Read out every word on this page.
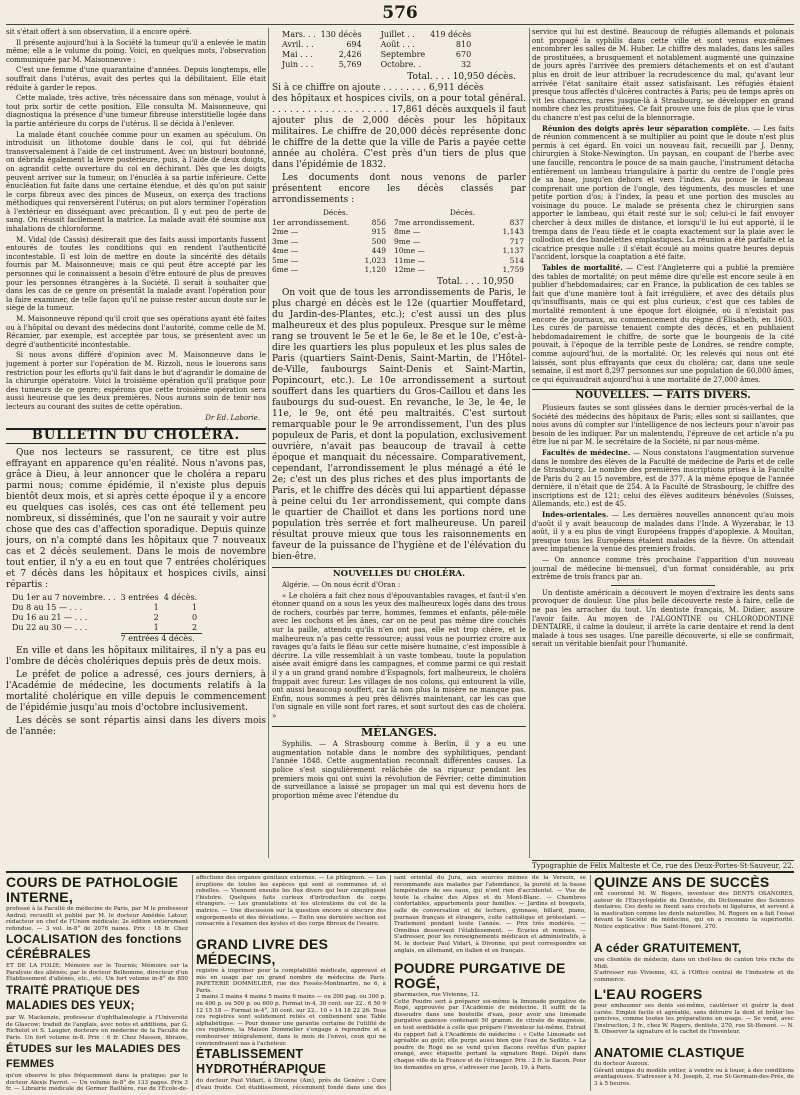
576

sit s'était offert à son observation, il a encore opéré.

Il présente aujourd'hui à la Société la tumeur qu'il a enlevée le matin même; elle a le volume du poing. Voici, en quelques mots, l'observation communiquée par M. Maisonneuve :

C'est une femme d'une quarantaine d'années. Depuis longtemps, elle souffrait dans l'utérus, avait des pertes qui la débilitaient. Elle était réduite à garder le repos.

Cette malade, très active, très nécessaire dans son ménage, voulut à tout prix sortir de cette position. Elle consulta M. Maisonneuve, qui diagnostiqua la présence d'une tumeur fibreuse interstitielle logée dans la partie antérieure du corps de l'utérus. Il se décida à l'enlever.

La malade étant couchée comme pour un examen au spéculum. On introduisit un lithotome double dans le col, qui fut débridé transversalement à l'aide de cet instrument. Avec un bistouri boutonné, on débrida également la lèvre postérieure, puis, à l'aide de deux doigts, on agrandit cette ouverture du col en déchirant. Dès que les doigts peuvent arriver sur la tumeur, on l'énucléa à sa partie inférieure. Cette énucléation fut faite dans une certaine étendue, et dès qu'on put saisir le corps fibreux avec des pinces de Museux, on exerça des tractions méthodiques qui renversèrent l'utérus; on put alors terminer l'opération à l'extérieur en disséquant avec précaution. Il y eut peu de perte de sang. On réussit facilement la matrice. La malade avait été soumise aux inhalations de chloroforme.

M. Vidal (de Cassis) désirerait que des faits aussi importants fussent entourés de toutes les conditions qui en rendent l'authenticité incontestable. Il est loin de mettre en doute la sincérité des détails fournis par M. Maisonneuve; mais ce qui peut être accepté par les personnes qui le connaissent a besoin d'être entouré de plus de preuves pour les personnes étrangères à la Société. Il serait à souhaiter que dans les cas de ce genre on présentât la malade avant l'opération pour la faire examiner, de telle façon qu'il ne puisse rester aucun doute sur le siège de la tumeur.

M. Maisonneuve répond qu'il croit que ses opérations ayant été faites ou à l'hôpital ou devant des médecins dont l'autorité, comme celle de M. Récamier, par exemple, est acceptée par tous, se présentent avec un degré d'authenticité incontestable.

Si nous avons différé d'opinion avec M. Maisonneuve dans le jugement à porter sur l'opération de M. Rizzoli, nous le louerons sans restriction pour les efforts qu'il fait dans le but d'agrandir le domaine de la chirurgie opératoire. Voici la troisième opération qu'il pratique pour des tumeurs de ce genre; espérons que cette troisième opération sera aussi heureuse que les deux premières. Nous aurons soin de tenir nos lecteurs au courant des suites de cette opération.

Dr Ed. Laborie.
BULLETIN DU CHOLÉRA.

Que nos lecteurs se rassurent, ce titre est plus effrayant en apparence qu'en réalité. Nous n'avons pas, grâce à Dieu, à leur annoncer que le choléra a reparu parmi nous; comme épidémie, il n'existe plus depuis bientôt deux mois, et si après cette époque il y a encore eu quelques cas isolés, ces cas ont été tellement peu nombreux, si disséminés, que l'on ne saurait y voir autre chose que des cas d'affection sporadique. Depuis quinze jours, on n'a compté dans les hôpitaux que 7 nouveaux cas et 2 décès seulement. Dans le mois de novembre tout entier, il n'y a eu en tout que 7 entrées cholériques et 7 décès dans les hôpitaux et hospices civils, ainsi répartis :

Du 1er au 7 novembre. . .	3 entrées	4 décès.
Du 8 au 15 — . . .	1	1
Du 16 au 21 — . . .	2	0
Du 22 au 30 — . . .	1	2
	7 entrées 4 décès.	

En ville et dans les hôpitaux militaires, il n'y a pas eu l'ombre de décès cholériques depuis près de deux mois.

Le préfet de police a adressé, ces jours derniers, à l'Académie de médecine, les documents relatifs à la mortalité cholérique en ville depuis le commencement de l'épidémie jusqu'au mois d'octobre inclusivement.

Les décès se sont répartis ainsi dans les divers mois de l'année:

Mars. . .	130 décès	Juillet . .	419 décès
Avril. . .	694	Août . . .	810
Mai . . .	2,426	Septembre	670
Juin . . .	5,769	Octobre. .	32
Total. . . . 10,950 décès.
Si à ce chiffre on ajoute . . . . . . . . 6,911 décès

des hôpitaux et hospices civils, on a pour total général. . . . . . . . . . . . . . . . . . . . . 17,861 décès auxquels il faut ajouter plus de 2,000 décès pour les hôpitaux militaires. Le chiffre de 20,000 décès représente donc le chiffre de la dette que la ville de Paris a payée cette année au choléra. C'est près d'un tiers de plus que dans l'épidémie de 1832.

Les documents dont nous venons de parler présentent encore les décès classés par arrondissements :

Décès.	Décès.
1er arrondissement.	856	7me arrondissement.	837
2me —	915	8me —	1,143
3me —	500	9me —	717
4me —	449	10me —	1,137
5me —	1,023	11me —	514
6me —	1,120	12me —	1,759
Total. . . . 10,950

On voit que de tous les arrondissements de Paris, le plus chargé en décès est le 12e (quartier Mouffetard, du Jardin-des-Plantes, etc.); c'est aussi un des plus malheureux et des plus populeux. Presque sur le même rang se trouvent le 5e et le 6e, le 8e et le 10e, c'est-à-dire les quartiers les plus populeux et les plus sales de Paris (quartiers Saint-Denis, Saint-Martin, de l'Hôtel-de-Ville, faubourgs Saint-Denis et Saint-Martin, Popincourt, etc.). Le 10e arrondissement a surtout souffert dans les quartiers du Gros-Caillou et dans les faubourgs du sud-ouest. En revanche, le 3e, le 4e, le 11e, le 9e, ont été peu maltraités. C'est surtout remarquable pour le 9e arrondissement, l'un des plus populeux de Paris, et dont la population, exclusivement ouvrière, n'avait pas beaucoup de travail à cette époque et manquait du nécessaire. Comparativement, cependant, l'arrondissement le plus ménagé a été le 2e; c'est un des plus riches et des plus importants de Paris, et le chiffre des décès qui lui appartient dépasse à peine celui du 1er arrondissement, qui compte dans le quartier de Chaillot et dans les portions nord une population très serrée et fort malheureuse. Un pareil résultat prouve mieux que tous les raisonnements en faveur de la puissance de l'hygiène et de l'élévation du bien-être.

NOUVELLES DU CHOLÉRA.

Algérie. — On nous écrit d'Oran :

« Le choléra a fait chez nous d'épouvantables ravages, et faut-il s'en étonner quand on a sous les yeux des malheureux logés dans des trous de rochers, courbés par terre, hommes, femmes et enfants, pêle-mêle avec les cochons et les ânes, car on ne peut pas même dire couchés sur la paille, attendu qu'ils n'en ont pas, elle est trop chère, et le malheureux n'a pas cette ressource; aussi vous ne pourriez croire aux ravages qu'a faits le fléau sur cette misère humaine, c'est impossible à décrire. La ville ressemblait à un vaste tombeau, toute la population aisée avait émigré dans les campagnes, et comme parmi ce qui restait il y a un grand grand nombre d'Espagnols, fort malheureux, le choléra frappait avec fureur. Les villages de nos colons, qui entourent la ville, ont aussi beaucoup souffert, car là non plus la misère ne manque pas. Enfin, nous sommes à peu près délivrés maintenant, car les cas que l'on signale en ville sont fort rares, et sont surtout des cas de choléra. »

MÉLANGES.

Syphilis. — A Strasbourg comme à Berlin, il y a eu une augmentation notable dans le nombre des syphilitiques, pendant l'année 1848. Cette augmentation reconnaît différentes causes. La police s'est singulièrement relâchée de sa rigueur pendant les premiers mois qui ont suivi la révolution de Février; cette diminution de surveillance a laissé se propager un mal qui est devenu hors de proportion même avec l'étendue du

service qui lui est destiné. Beaucoup de réfugiés allemands et polonais ont propagé la syphilis dans cette ville et sont venus eux-mêmes encombrer les salles de M. Huber. Le chiffre des malades, dans les salles de prostituées, a brusquement et notablement augmenté une quinzaine de jours après l'arrivée des premiers détachements et on est d'autant plus en droit de leur attribuer la recrudescence du mal, qu'avant leur arrivée l'état sanitaire était assez satisfaisant. Les réfugiés étaient presque tous affectés d'ulcères contractés à Paris; peu de temps après on vit les chancres, rares jusque-là à Strasbourg, se développer en grand nombre chez les prostituées. Ce fait prouve une fois de plus que le virus du chancre n'est pas celui de la blennorragie.

Réunion des doigts après leur séparation complète. — Les faits de réunion commencent à se multiplier au point que le doute n'est plus permis à cet égard. En voici un nouveau fait, recueilli par J. Denny, chirurgien à Stoke-Newington. Un paysan, en coupant de l'herbe avec une faucille, rencontra le pouce de sa main gauche, l'instrument détacha entièrement un lambeau triangulaire à partir du centre de l'ongle près de sa base, jusqu'en dehors et vers l'index. Au pouce le lambeau comprenait une portion de l'ongle, des téguments, des muscles et une petite portion d'os; à l'index, la peau et une portion des muscles au voisinage du pouce. Le malade se présenta chez le chirurgien sans apporter le lambeau, qui était resté sur le sol; celui-ci le fait envoyer chercher à deux milles de distance, et lorsqu'il le lui eut apporté, il le trempa dans de l'eau tiède et le coapta exactement sur la plaie avec le collodion et des bandelettes emplastiques. La réunion a été parfaite et la cicatrice presque nulle : il s'était écoulé au moins quatre heures depuis l'accident, lorsque la coaptation a été faite.

Tables de mortalité. — C'est l'Angleterre qui a publié la première des tables de mortalité; on peut même dire qu'elle est encore seule à en publier d'hebdomadaires; car en France, la publication de ces tables se fait que d'une manière tout à fait irrégulière, et avec des détails plus qu'insuffisants, mais ce qui est plus curieux, c'est que ces tables de mortalité remontent à une époque fort éloignée, où il n'existait pas encore de journaux, au commencement du règne d'Élisabeth, en 1603. Les curés de paroisse tenaient compte des décès, et en publiaient hebdomadairement le chiffre, de sorte que le bourgeois de la cité pouvait, à l'époque de la terrible peste de Londres, se rendre compte, comme aujourd'hui, de la mortalité. Or, les relevés qui nous ont été laissés, sont plus effrayants que ceux du choléra; car, dans une seule semaine, il est mort 8,297 personnes sur une population de 60,000 âmes, ce qui équivaudrait aujourd'hui à une mortalité de 27,000 âmes.

NOUVELLES. — FAITS DIVERS.

Plusieurs fautes se sont glissées dans le dernier procès-verbal de la Société des médecins des hôpitaux de Paris; elles sont si saillantes, que nous avons dû compter sur l'intelligence de nos lecteurs pour n'avoir pas besoin de les indiquer. Par un malentendu, l'épreuve de cet article n'a pu être lue ni par M. le secrétaire de la Société, ni par nous-même.

Facultés de médecine. — Nous constatons l'augmentation survenue dans le nombre des élèves de la Faculté de médecine de Paris et de celle de Strasbourg. Le nombre des premières inscriptions prises à la Faculté de Paris du 2 au 15 novembre, est de 377. A la même époque de l'année dernière, il n'était que de 254. A la Faculté de Strasbourg, le chiffre des inscriptions est de 121; celui des élèves auditeurs bénévoles (Suisses, Allemands, etc.) est de 45.

Indes-orientales. — Les dernières nouvelles annoncent qu'au mois d'août il y avait beaucoup de malades dans l'Inde. A Wyzerabar, le 13 août, il y a eu plus de vingt Européens frappés d'apoplexie. A Moultan, presque tous les Européens étaient malades de la fièvre. On attendait avec impatience la venue des premiers froids.

— On annonce comme très prochaine l'apparition d'un nouveau journal de médecine bi-mensuel, d'un format considérable, au prix extrême de trois francs par an.

Un dentiste américain a découvert le moyen d'extraire les dents sans provoquer de douleur. Une plus belle découverte reste à faire, celle de ne pas les arracher du tout. Un dentiste français, M. Didier, assure l'avoir faite. Au moyen de l'ALGONTINE ou CHLORODONTINE DENTAIRE, il calme la douleur, il arrête la carie dentaire et rend la dent malade à tous ses usages. Une pareille découverte, si elle se confirmait, serait un véritable bienfait pour l'humanité.

Typographie de Félix Malteste et Ce, rue des Deux-Portes-St-Sauveur, 22.
COURS DE PATHOLOGIE INTERNE,
professé à la Faculté de médecine de Paris, par M le professeur Andral; recueilli et publié par M. le docteur Amédée Latour, rédacteur en chef de l'Union médicale; 2e édition entièrement refondue. — 3 vol. in-8° de 2076 pages. Prix : 18 fr. Chez
LOCALISATION des fonctions CÉRÉBRALES
ET DE LA FOLIE; Mémoire sur le Tournis; Mémoire sur la Paralysie des aliénés; par le docteur Belhomme, directeur d'un Établissement d'aliénés, etc., etc. Un fort volume in-8° de 850
TRAITÉ PRATIQUE DES MALADIES DES YEUX;
par W. Mackenzie, professeur d'ophthalmologie à l'Université de Glascow; traduit de l'anglais, avec notes et additions, par G. Richelot et S. Laugier, docteurs en médecine de la Faculté de Paris. Un fort volume in-8. Prix : 6 fr. Chez Masson, libraire,
ÉTUDES sur les MALADIES DES FEMMES
qu'on observe le plus fréquemment dans la pratique; par le docteur Alexis Favrot. — Un volume in-8° de 133 pages. Prix 3 fr. — Librairie médicale de Germer Baillière, rue de l'École-de-
affections des organes génitaux externes. — Le phlegmon. — Les éruptions de toutes les espèces qui sont si communes et si rebelles. — Viennent ensuite les flux divers qui leur compliquent l'histoire. Quelques faits curieux d'introduction de corps étrangers. — Les granulations et les ulcérations du col de la matrice. — Une discussion sur la question encore si obscure des engorgements et des déviations. — Enfin une dernière section est consacrée à l'examen des kystes et des corps fibreux de l'ovaire.
GRAND LIVRE DES MÉDECINS,
registre à imprimer pour la comptabilité médicale, approuvé et mis en usage par un grand nombre de médecins de Paris. PAPETERIE DOMMELIER, rue des Fossés-Montmartre, no 6, à Paris.
2 mains 3 mains 4 mains 5 mains 6 mains — ou 200 pag. ou 300 p. ou 400 p. ou 500 p. ou 600 p. Format in-4, 30 cent. sur 22.. 6 50 9 12 15 18 — Format in-4°, 30 cent. sur 22.. 10 » 14 18 22 26. Tous ces registres sont solidement reliés et contiennent une Table alphabétique. — Pour donner une garantie certaine de l'utilité de ces registres, la Maison Dommelier s'engage à reprendre et à rembourser intégralement, dans le mois de l'envoi, ceux qui ne conviendraient pas à l'acheteur.
ÉTABLISSEMENT HYDROTHÉRAPIQUE
du docteur Paul Vidart, à Divonne (Ain), près de Genève : Cure d'eau froide. Cet établissement, récemment fondé dans une des
sant oriental du Jura, aux sources mêmes de la Versoix, se recommande aux malades par l'abondance, la pureté et la basse température de ses eaux, qui n'ont rien d'accidentel. — Vue de toute la chaîne des Alpes et du Mont-Blanc. — Chambres confortables, appartements pour familles. — Jardins et bosquets, salle de conversation et de lecture, gymnase, billard, piano, journaux français et étrangers, culte catholique et protestant. — Traitement pendant toute l'année. — Prix très modérés. — Omnibus desservant l'établissement. — Écuries et remises. — S'adresser, pour les renseignements médicaux et administratifs, à M. le docteur Paul Vidart, à Divonne, qui peut correspondre en anglais, en allemand, en italien et en français.
POUDRE PURGATIVE DE ROGÉ,
pharmacien, rue Vivienne, 12.
Cette Poudre sert à préparer soi-même la limonade purgative de Rogé, approuvée par l'Académie de médecine. Il suffit de la dissoudre dans une bouteille d'eau, pour avoir une limonade purgative gazeuse contenant 50 gramm. de citrate de magnésie, en tout semblable à celle que prépare l'inventeur lui-même. Extrait du rapport fait à l'Académie de médecine : « Cette Limonade est agréable au goût; elle purge aussi bien que l'eau de Sedlitz. » La poudre de Rogé ne se vend qu'en flacons revêtus d'un papier orangé, avec étiquette portant la signature Rogé. Dépôt dans chaque ville de la France et de l'étranger. Prix : 2 fr. le flacon. Pour les demandes en gros, s'adresser rue Jacob, 19, à Paris.
QUINZE ANS DE SUCCÈS
ont couronné M. W. Rogers, inventeur des DENTS OSANORES, auteur de l'Encyclopédie du Dentiste, du Dictionnaire des Sciences dentaires. Ces dents se fixent sans crochets ni ligatures, et servent à la mastication comme les dents naturelles. M. Rogers en a fait l'essai devant la Société de médecine, qui en a reconnu la supériorité. Notice explicative : Rue Saint-Honoré, 270.
A céder GRATUITEMENT,
une clientèle de médecin, dans un chef-lieu de canton très riche du Midi.
S'adresser rue Vivienne, 43, à l'Office central de l'industrie et du commerce.
L'EAU ROGERS
pour embaumer ses dents soi-même, cautériser et guérir la dent cariée. Emploi facile et agréable, sans détruire la dent et brûler les gencives, comme toutes les préparations en usage. — Se vend, avec l'instruction, 3 fr., chez W. Rogers, dentiste, 270, rue St-Honoré. — N. B. Observer la signature et le cachet de l'inventeur.
ANATOMIE CLASTIQUE
du docteur Auzoux.
Gérant unique du modèle entier, à vendre ou à louer, à des conditions avantageuses. S'adresser à M. Joseph, 2, rue St-Germain-des-Prés, de 3 à 5 heures.
